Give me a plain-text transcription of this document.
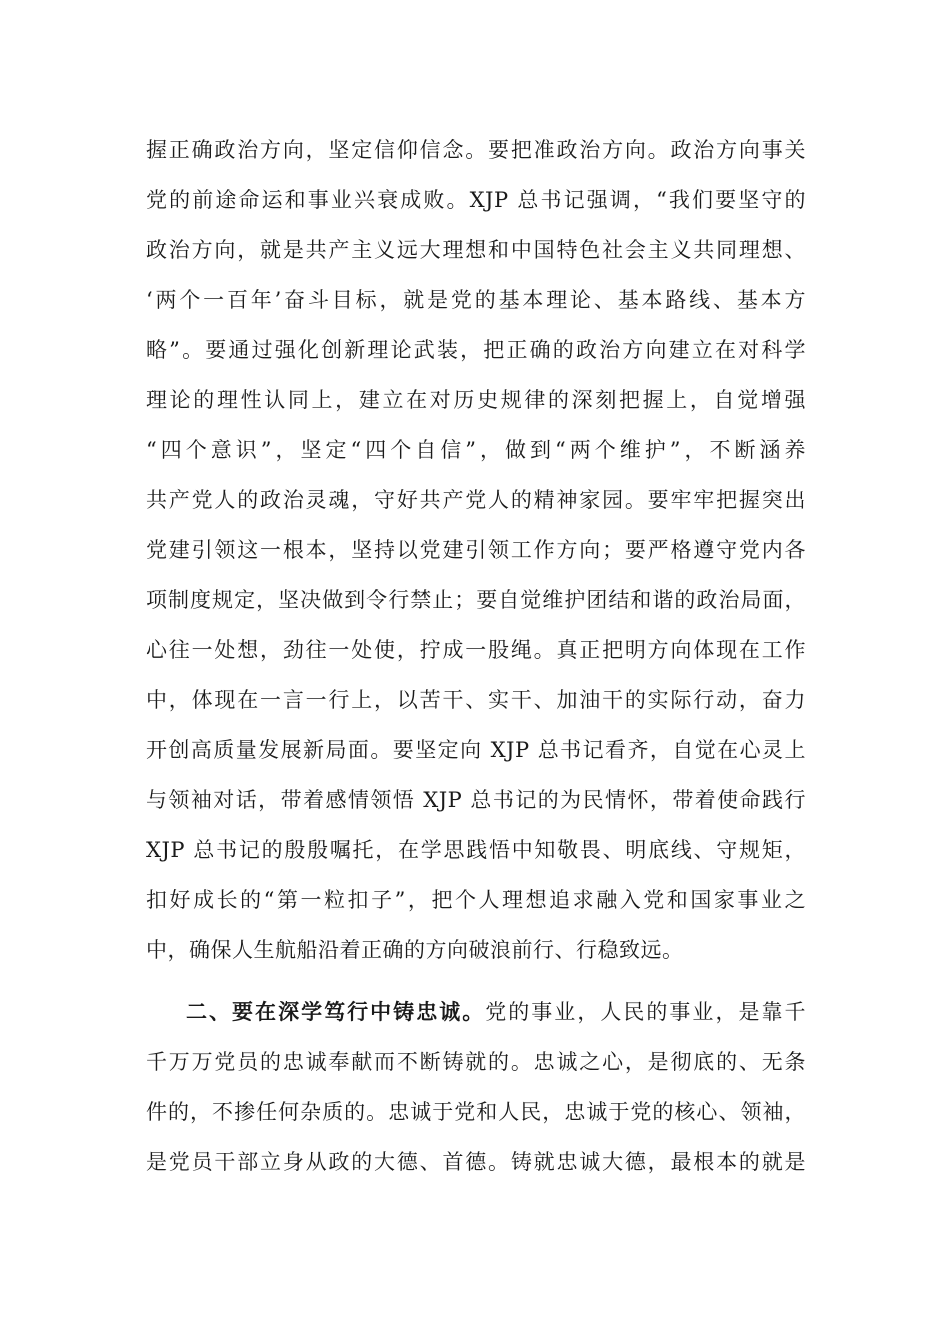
握正确政治方向，坚定信仰信念。要把准政治方向。政治方向事关
党的前途命运和事业兴衰成败。XJP 总书记强调，“我们要坚守的
政治方向，就是共产主义远大理想和中国特色社会主义共同理想、
‘两个一百年’奋斗目标，就是党的基本理论、基本路线、基本方
略”。要通过强化创新理论武装，把正确的政治方向建立在对科学
理论的理性认同上，建立在对历史规律的深刻把握上，自觉增强
“四个意识”，坚定“四个自信”，做到“两个维护”，不断涵养
共产党人的政治灵魂，守好共产党人的精神家园。要牢牢把握突出
党建引领这一根本，坚持以党建引领工作方向；要严格遵守党内各
项制度规定，坚决做到令行禁止；要自觉维护团结和谐的政治局面，
心往一处想，劲往一处使，拧成一股绳。真正把明方向体现在工作
中，体现在一言一行上，以苦干、实干、加油干的实际行动，奋力
开创高质量发展新局面。要坚定向 XJP 总书记看齐，自觉在心灵上
与领袖对话，带着感情领悟 XJP 总书记的为民情怀，带着使命践行
XJP 总书记的殷殷嘱托，在学思践悟中知敬畏、明底线、守规矩，
扣好成长的“第一粒扣子”，把个人理想追求融入党和国家事业之
中，确保人生航船沿着正确的方向破浪前行、行稳致远。
二、要在深学笃行中铸忠诚。党的事业，人民的事业，是靠千
千万万党员的忠诚奉献而不断铸就的。忠诚之心，是彻底的、无条
件的，不掺任何杂质的。忠诚于党和人民，忠诚于党的核心、领袖，
是党员干部立身从政的大德、首德。铸就忠诚大德，最根本的就是
